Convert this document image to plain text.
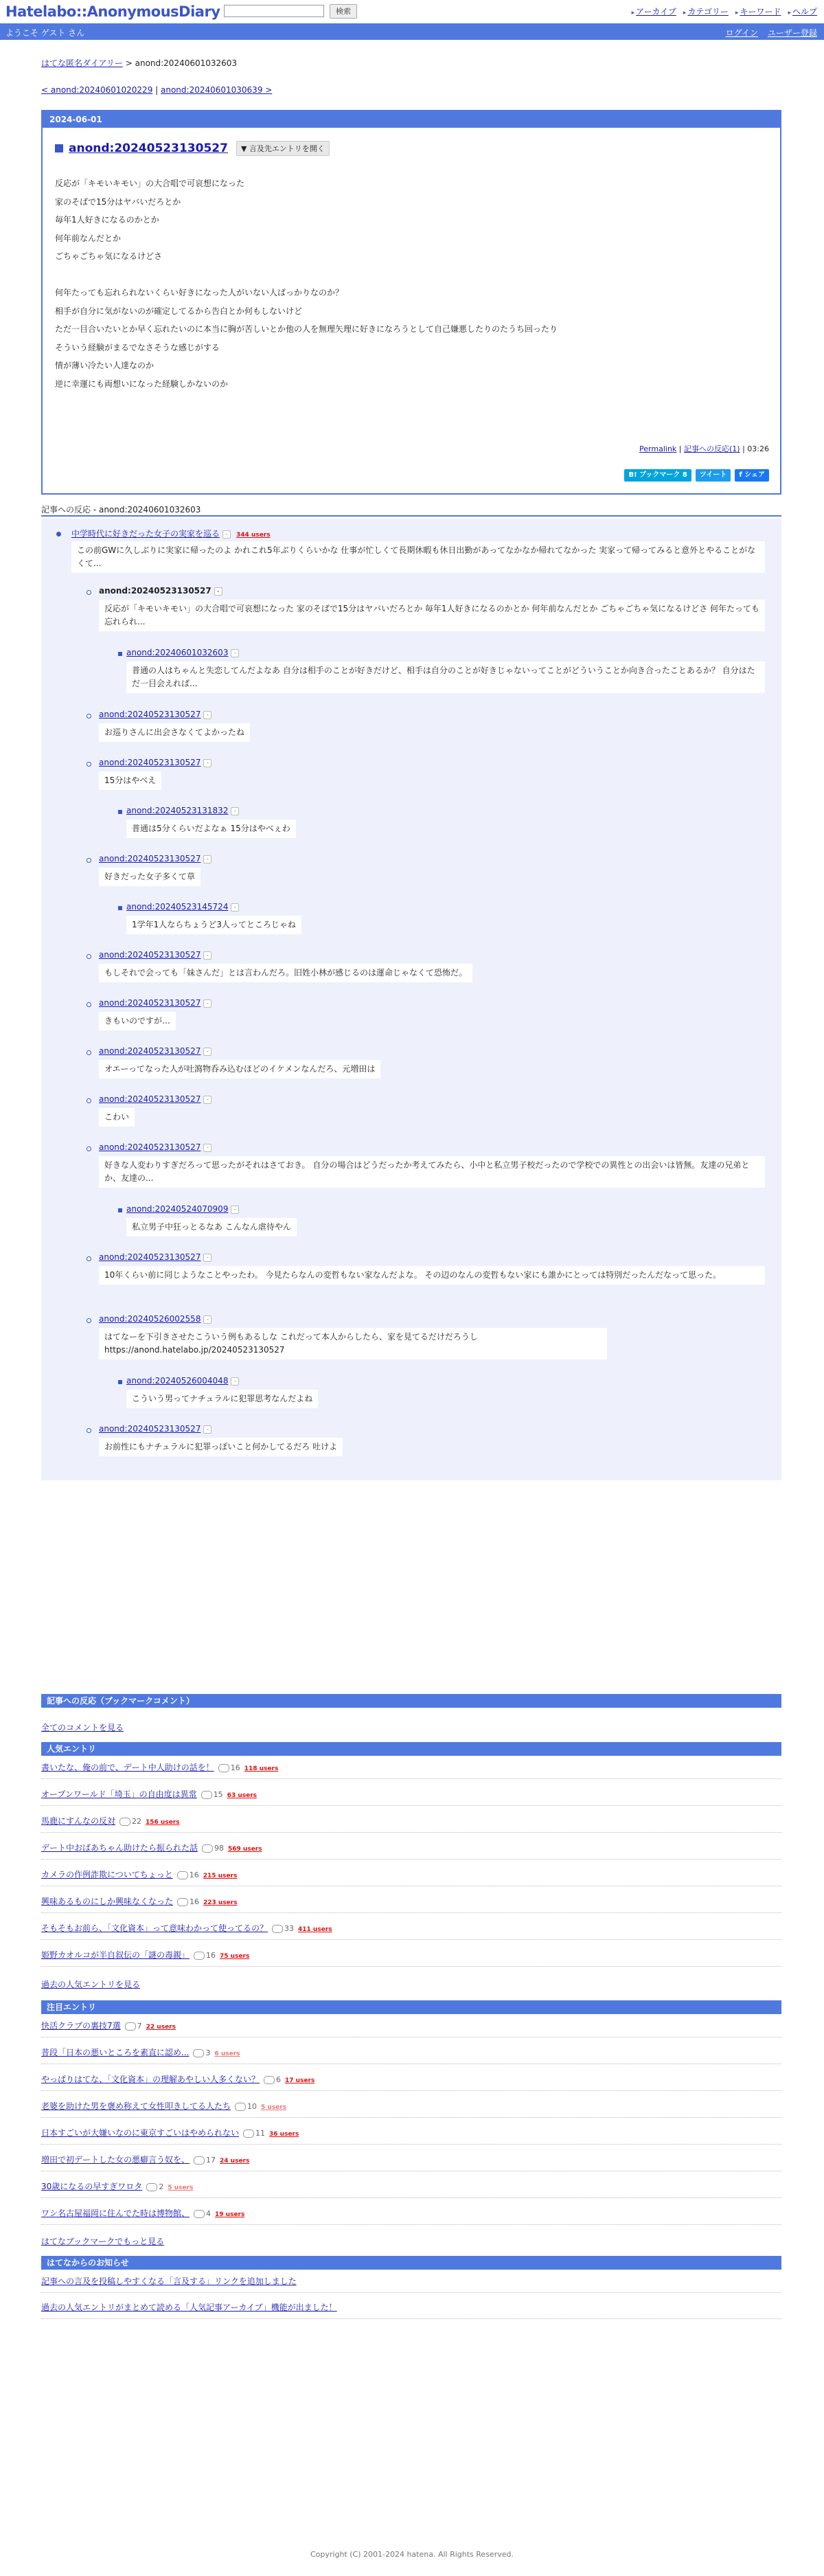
Hatelabo::AnonymousDiary	検索	▸ アーカイブ ▸ カテゴリー ▸ キーワード ▸ ヘルプ
ようこそ ゲスト さん	ログイン ユーザー登録
はてな匿名ダイアリー > anond:20240601032603
< anond:20240601020229 | anond:20240601030639 >
2024-06-01
anond:20240523130527	▼ 言及先エントリを開く

反応が「キモいキモい」の大合唱で可哀想になった

家のそばで15分はヤバいだろとか

毎年1人好きになるのかとか

何年前なんだとか

ごちゃごちゃ気になるけどさ

何年たっても忘れられないくらい好きになった人がいない人ばっかりなのか？

相手が自分に気がないのが確定してるから告白とか何もしないけど

ただ一目合いたいとか早く忘れたいのに本当に胸が苦しいとか他の人を無理矢理に好きになろうとして自己嫌悪したりのたうち回ったり

そういう経験がまるでなさそうな感じがする

情が薄い冷たい人達なのか

逆に幸運にも両想いになった経験しかないのか

Permalink | 記事への反応(1) | 03:26
B! ブックマーク 8	ツイート	f シェア
記事への反応 - anond:20240601032603
中学時代に好きだった女子の実家を巡る - 344 users
この前GWに久しぶりに実家に帰ったのよ かれこれ5年ぶりくらいかな 仕事が忙しくて長期休暇も休日出勤があってなかなか帰れてなかった 実家って帰ってみると意外とやることがなくて...
anond:20240523130527 -
反応が「キモいキモい」の大合唱で可哀想になった 家のそばで15分はヤバいだろとか 毎年1人好きになるのかとか 何年前なんだとか ごちゃごちゃ気になるけどさ 何年たっても忘れられ...
anond:20240601032603 -
普通の人はちゃんと失恋してんだよなあ 自分は相手のことが好きだけど、相手は自分のことが好きじゃないってことがどういうことか向き合ったことあるか？ 自分はただ一目会えれば...
anond:20240523130527 -
お巡りさんに出会さなくてよかったね
anond:20240523130527 -
15分はやべえ
anond:20240523131832 -
普通は5分くらいだよなぁ 15分はやべぇわ
anond:20240523130527 -
好きだった女子多くて草
anond:20240523145724 -
1学年1人ならちょうど3人ってところじゃね
anond:20240523130527 -
もしそれで会っても「妹さんだ」とは言わんだろ。旧姓小林が感じるのは運命じゃなくて恐怖だ。
anond:20240523130527 -
きもいのですが…
anond:20240523130527 -
オエーってなった人が吐瀉物呑み込むほどのイケメンなんだろ、元増田は
anond:20240523130527 -
こわい
anond:20240523130527 -
好きな人変わりすぎだろって思ったがそれはさておき。 自分の場合はどうだったか考えてみたら、小中と私立男子校だったので学校での異性との出会いは皆無。友達の兄弟とか、友達の...
anond:20240524070909 -
私立男子中狂っとるなあ こんなん虐待やん
anond:20240523130527 -
10年くらい前に同じようなことやったわ。 今見たらなんの変哲もない家なんだよな。 その辺のなんの変哲もない家にも誰かにとっては特別だったんだなって思った。
anond:20240526002558 -
はてなーを下引きさせたこういう例もあるしな これだって本人からしたら、家を見てるだけだろうし https://anond.hatelabo.jp/20240523130527
anond:20240526004048 -
こういう男ってナチュラルに犯罪思考なんだよね
anond:20240523130527 -
お前性にもナチュラルに犯罪っぽいこと何かしてるだろ 吐けよ
記事への反応（ブックマークコメント）
全てのコメントを見る
人気エントリ
書いたな、俺の前で、デート中人助けの話を！ 16 118 users
オープンワールド「埼玉」の自由度は異常 15 63 users
馬鹿にすんなの反対 22 156 users
デート中おばあちゃん助けたら振られた話 98 569 users
カメラの作例詐欺についてちょっと 16 215 users
興味あるものにしか興味なくなった 16 223 users
そもそもお前ら、「文化資本」って意味わかって使ってるの？ 33 411 users
姫野カオルコが半自叙伝の「謎の毒親」 16 75 users
過去の人気エントリを見る
注目エントリ
快活クラブの裏技7選 7 22 users
普段「日本の悪いところを素直に認め... 3 6 users
やっぱりはてな、「文化資本」の理解あやしい人多くない？ 6 17 users
老婆を助けた男を褒め称えて女性叩きしてる人たち 10 5 users
日本すごいが大嫌いなのに東京すごいはやめられない 11 36 users
増田で初デートした女の悪癖言う奴を、 17 24 users
30歳になるの早すぎワロタ 2 5 users
ワシ名古屋福岡に住んでた時は博物館、 4 19 users
はてなブックマークでもっと見る
はてなからのお知らせ
記事への言及を投稿しやすくなる「言及する」リンクを追加しました
過去の人気エントリがまとめて読める「人気記事アーカイブ」機能が出ました！
Copyright (C) 2001-2024 hatena. All Rights Reserved.
